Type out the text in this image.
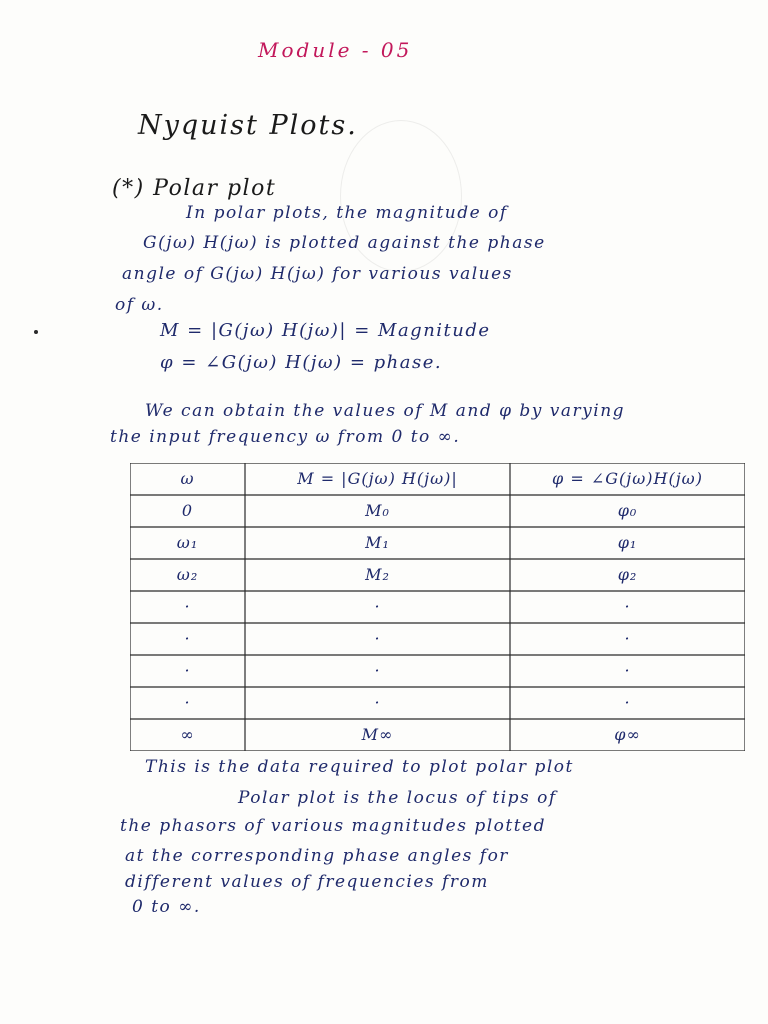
Module - 05
Nyquist Plots.
(*) Polar plot
In polar plots, the magnitude of
G(jω) H(jω) is plotted against the phase
angle of G(jω) H(jω) for various values
of ω.
M = |G(jω) H(jω)| = Magnitude
φ = ∠G(jω) H(jω) = phase.
We can obtain the values of M and φ by varying
the input frequency ω from 0 to ∞.
ω	M = |G(jω) H(jω)|	φ = ∠G(jω)H(jω)
0	M₀	φ₀
ω₁	M₁	φ₁
ω₂	M₂	φ₂
·	·	·
·	·	·
·	·	·
·	·	·
∞	M∞	φ∞
This is the data required to plot polar plot
Polar plot is the locus of tips of
the phasors of various magnitudes plotted
at the corresponding phase angles for
different values of frequencies from
0 to ∞.
